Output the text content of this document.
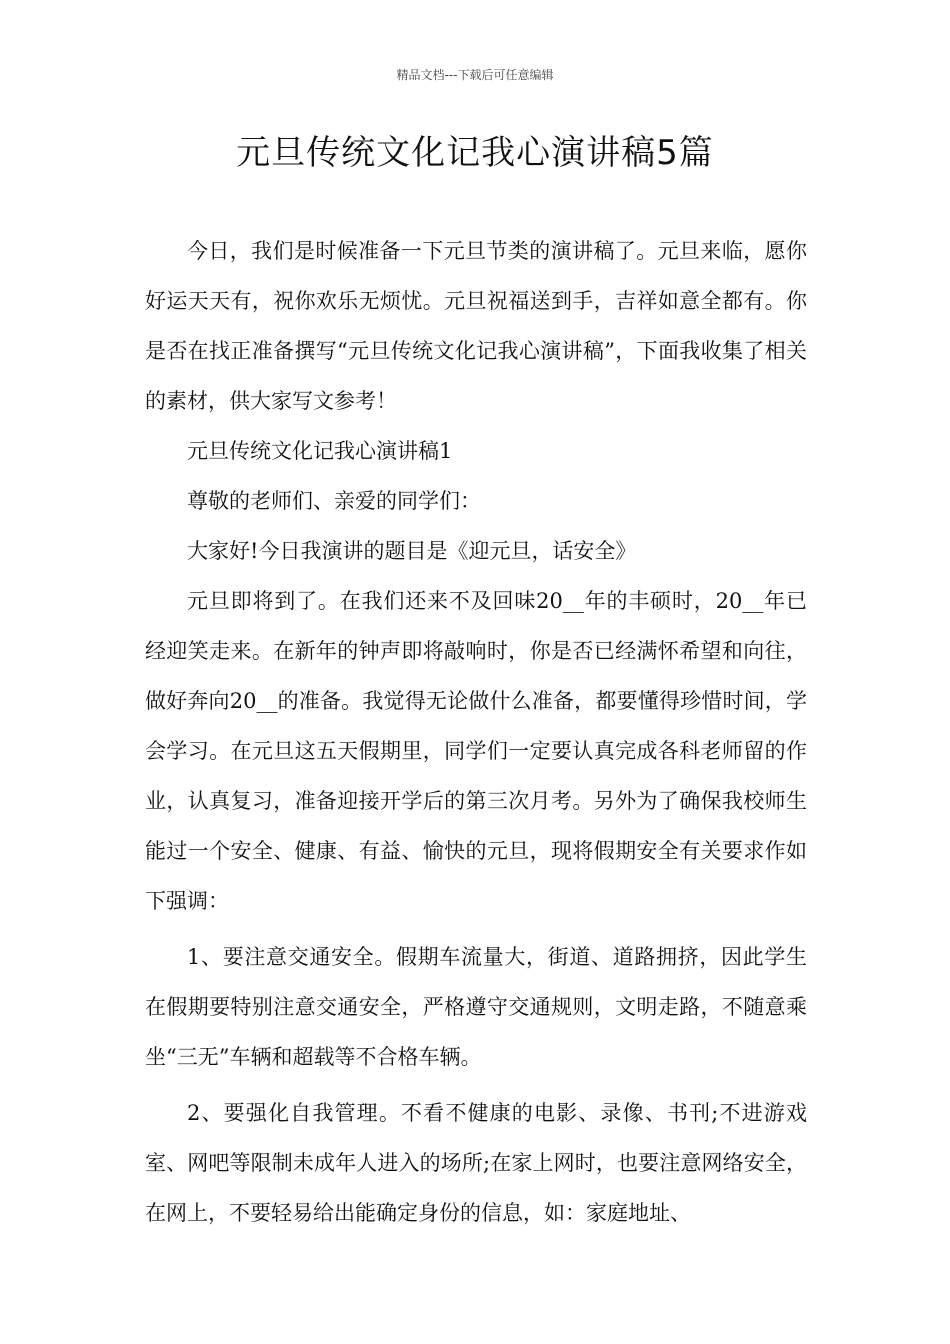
精品文档---下载后可任意编辑
元旦传统文化记我心演讲稿5篇

今日，我们是时候准备一下元旦节类的演讲稿了。元旦来临，愿你好运天天有，祝你欢乐无烦忧。元旦祝福送到手，吉祥如意全都有。你是否在找正准备撰写“元旦传统文化记我心演讲稿”，下面我收集了相关的素材，供大家写文参考！

元旦传统文化记我心演讲稿1

尊敬的老师们、亲爱的同学们：

大家好!今日我演讲的题目是《迎元旦，话安全》

元旦即将到了。在我们还来不及回味20__年的丰硕时，20__年已经迎笑走来。在新年的钟声即将敲响时，你是否已经满怀希望和向往，做好奔向20__的准备。我觉得无论做什么准备，都要懂得珍惜时间，学会学习。在元旦这五天假期里，同学们一定要认真完成各科老师留的作业，认真复习，准备迎接开学后的第三次月考。另外为了确保我校师生能过一个安全、健康、有益、愉快的元旦，现将假期安全有关要求作如下强调：

1、要注意交通安全。假期车流量大，街道、道路拥挤，因此学生在假期要特别注意交通安全，严格遵守交通规则，文明走路，不随意乘坐“三无”车辆和超载等不合格车辆。

2、要强化自我管理。不看不健康的电影、录像、书刊;不进游戏室、网吧等限制未成年人进入的场所;在家上网时，也要注意网络安全，在网上，不要轻易给出能确定身份的信息，如：家庭地址、
